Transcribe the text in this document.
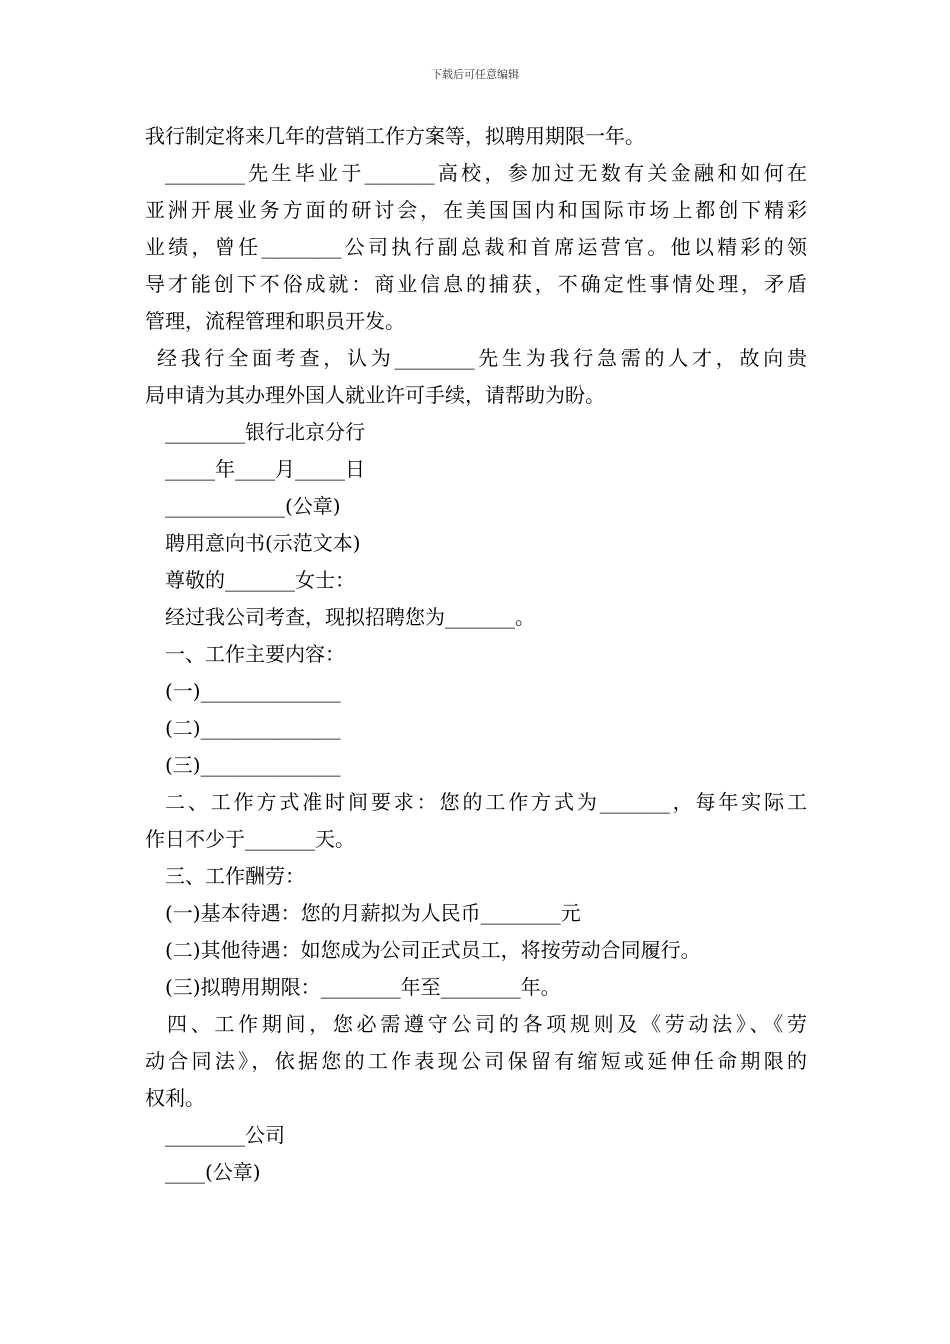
下载后可任意编辑
我行制定将来几年的营销工作方案等，拟聘用期限一年。
________先生毕业于_______高校，参加过无数有关金融和如何在
亚洲开展业务方面的研讨会，在美国国内和国际市场上都创下精彩
业绩，曾任________公司执行副总裁和首席运营官。他以精彩的领
导才能创下不俗成就：商业信息的捕获，不确定性事情处理，矛盾
管理，流程管理和职员开发。
经我行全面考查，认为________先生为我行急需的人才，故向贵
局申请为其办理外国人就业许可手续，请帮助为盼。
________银行北京分行
_____年____月_____日
____________(公章)
聘用意向书(示范文本)
尊敬的_______女士：
经过我公司考查，现拟招聘您为_______。
一、工作主要内容：
(一)______________
(二)______________
(三)______________
二、工作方式准时间要求：您的工作方式为_______，每年实际工
作日不少于_______天。
三、工作酬劳：
(一)基本待遇：您的月薪拟为人民币________元
(二)其他待遇：如您成为公司正式员工，将按劳动合同履行。
(三)拟聘用期限：________年至________年。
四、工作期间，您必需遵守公司的各项规则及《劳动法》、《劳
动合同法》，依据您的工作表现公司保留有缩短或延伸任命期限的
权利。
________公司
____(公章)
